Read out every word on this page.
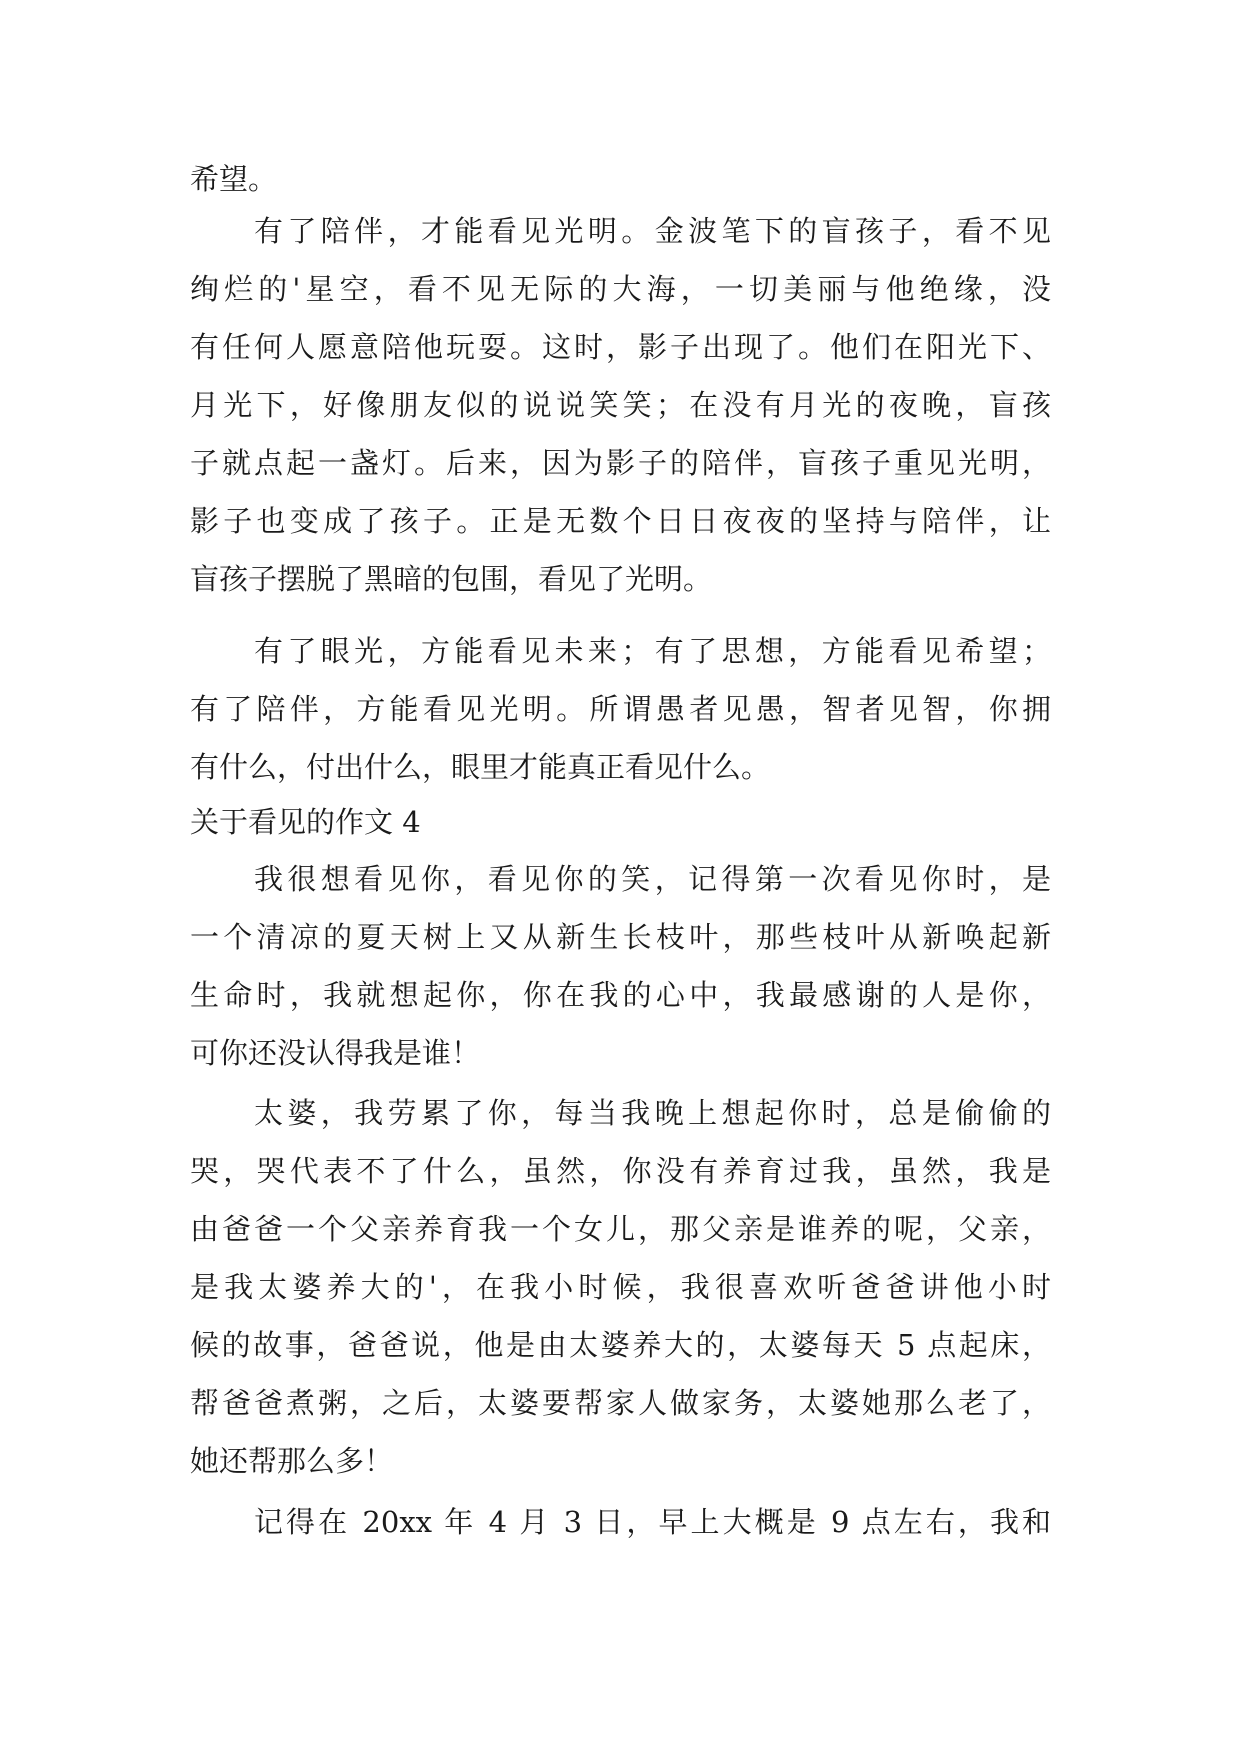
希望。
有了陪伴，才能看见光明。金波笔下的盲孩子，看不见
绚烂的'星空，看不见无际的大海，一切美丽与他绝缘，没
有任何人愿意陪他玩耍。这时，影子出现了。他们在阳光下、
月光下，好像朋友似的说说笑笑；在没有月光的夜晚，盲孩
子就点起一盏灯。后来，因为影子的陪伴，盲孩子重见光明，
影子也变成了孩子。正是无数个日日夜夜的坚持与陪伴，让
盲孩子摆脱了黑暗的包围，看见了光明。
有了眼光，方能看见未来；有了思想，方能看见希望；
有了陪伴，方能看见光明。所谓愚者见愚，智者见智，你拥
有什么，付出什么，眼里才能真正看见什么。
关于看见的作文 4
我很想看见你，看见你的笑，记得第一次看见你时，是
一个清凉的夏天树上又从新生长枝叶，那些枝叶从新唤起新
生命时，我就想起你，你在我的心中，我最感谢的人是你，
可你还没认得我是谁！
太婆，我劳累了你，每当我晚上想起你时，总是偷偷的
哭，哭代表不了什么，虽然，你没有养育过我，虽然，我是
由爸爸一个父亲养育我一个女儿，那父亲是谁养的呢，父亲，
是我太婆养大的'，在我小时候，我很喜欢听爸爸讲他小时
候的故事，爸爸说，他是由太婆养大的，太婆每天 5 点起床，
帮爸爸煮粥，之后，太婆要帮家人做家务，太婆她那么老了，
她还帮那么多！
记得在 20xx 年 4 月 3 日，早上大概是 9 点左右，我和
